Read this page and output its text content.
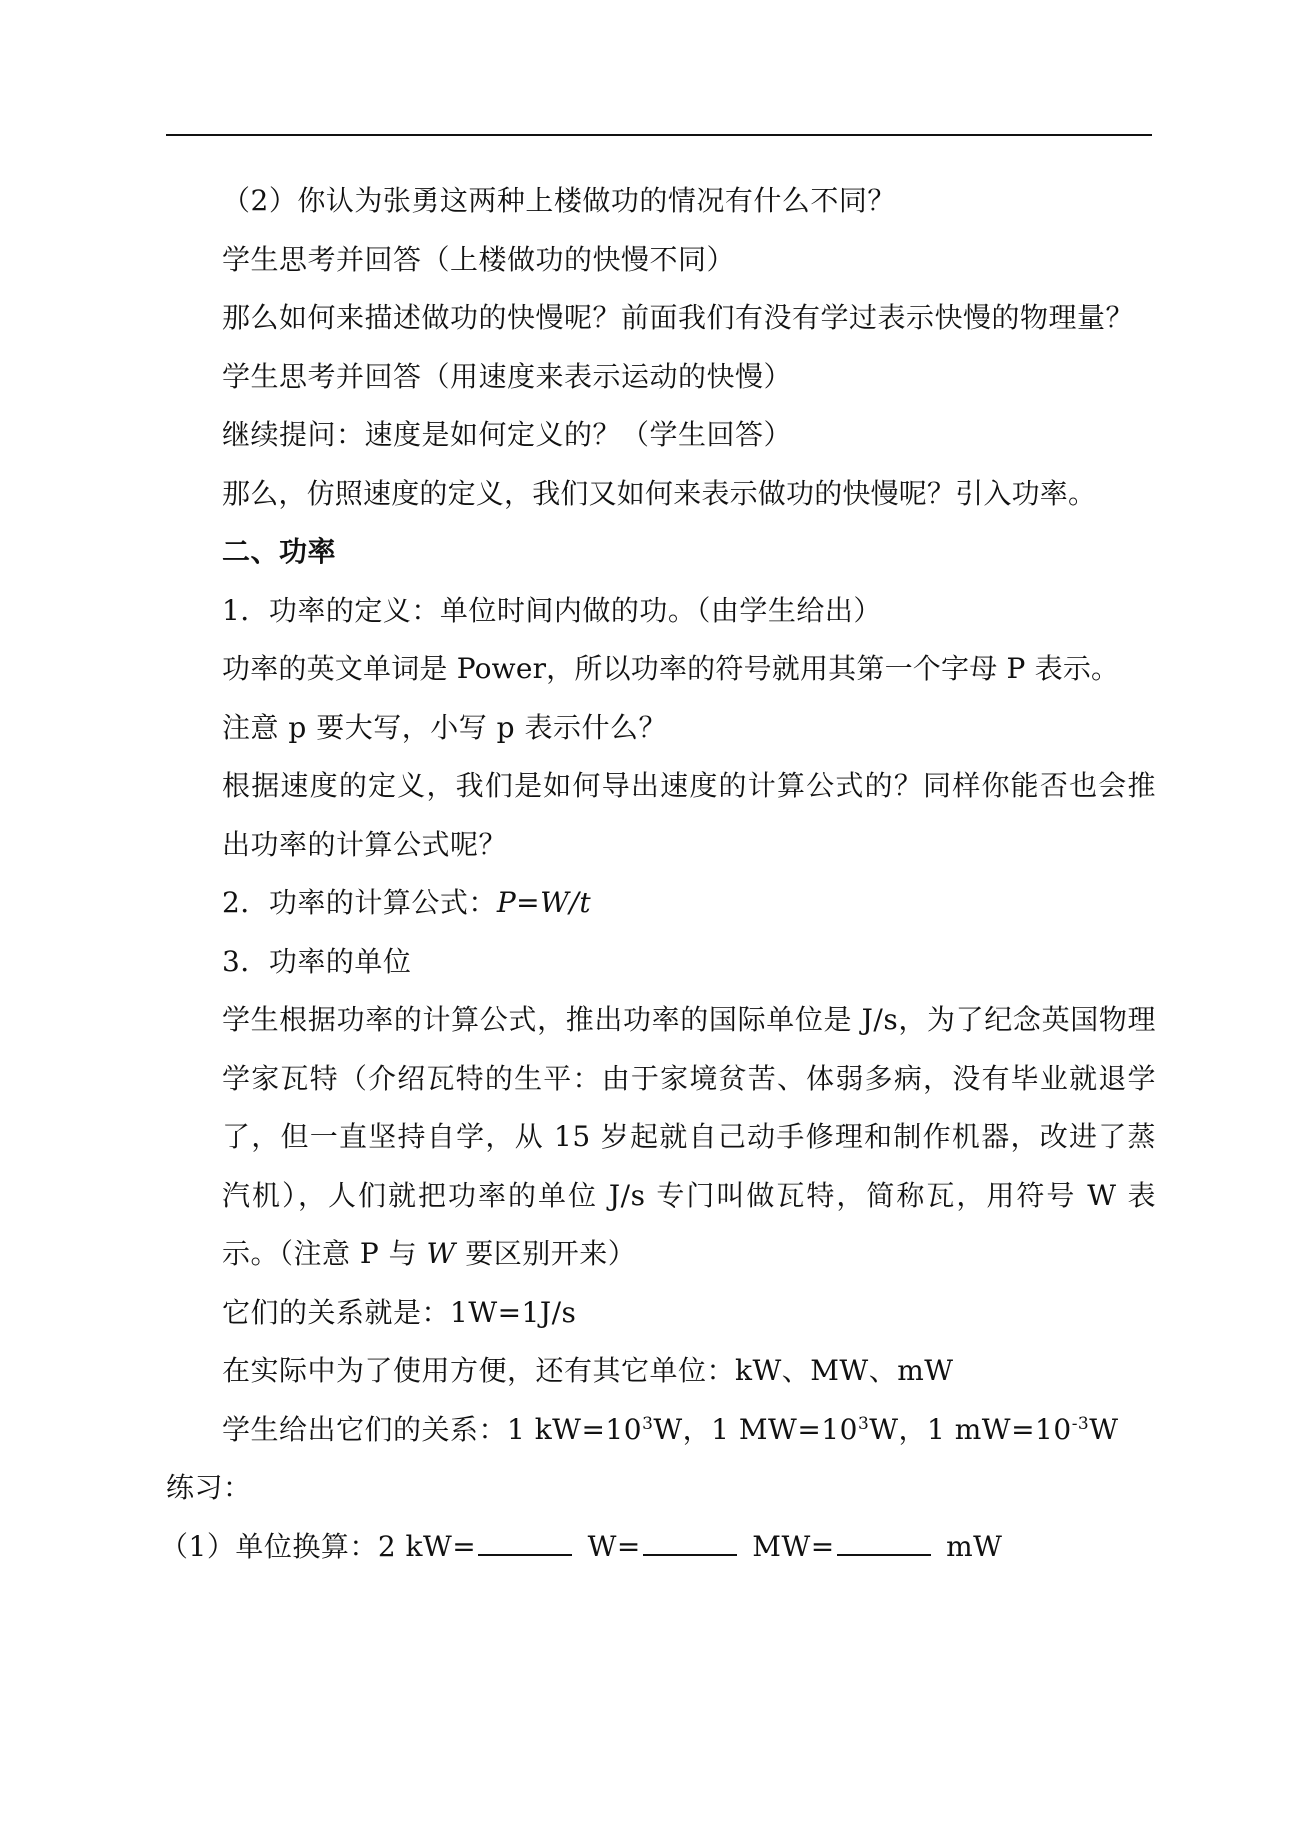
（2）你认为张勇这两种上楼做功的情况有什么不同？

学生思考并回答（上楼做功的快慢不同）

那么如何来描述做功的快慢呢？前面我们有没有学过表示快慢的物理量？

学生思考并回答（用速度来表示运动的快慢）

继续提问：速度是如何定义的？（学生回答）

那么，仿照速度的定义，我们又如何来表示做功的快慢呢？引入功率。

二、功率

1．功率的定义：单位时间内做的功。（由学生给出）

功率的英文单词是 Power，所以功率的符号就用其第一个字母 P 表示。

注意 p 要大写，小写 p 表示什么？

根据速度的定义，我们是如何导出速度的计算公式的？同样你能否也会推出功率的计算公式呢？

2．功率的计算公式：P=W/t

3．功率的单位

学生根据功率的计算公式，推出功率的国际单位是 J/s，为了纪念英国物理学家瓦特（介绍瓦特的生平：由于家境贫苦、体弱多病，没有毕业就退学了，但一直坚持自学，从 15 岁起就自己动手修理和制作机器，改进了蒸汽机），人们就把功率的单位 J/s 专门叫做瓦特，简称瓦，用符号 W 表示。（注意 P 与 W 要区别开来）

它们的关系就是：1W=1J/s

在实际中为了使用方便，还有其它单位：kW、MW、mW

学生给出它们的关系：1 $kW=10^3W$，1 $MW=10^3W$，1 $mW=10^{-3}W$

练习：

（1）单位换算：2 kW=	W=	MW=	mW
